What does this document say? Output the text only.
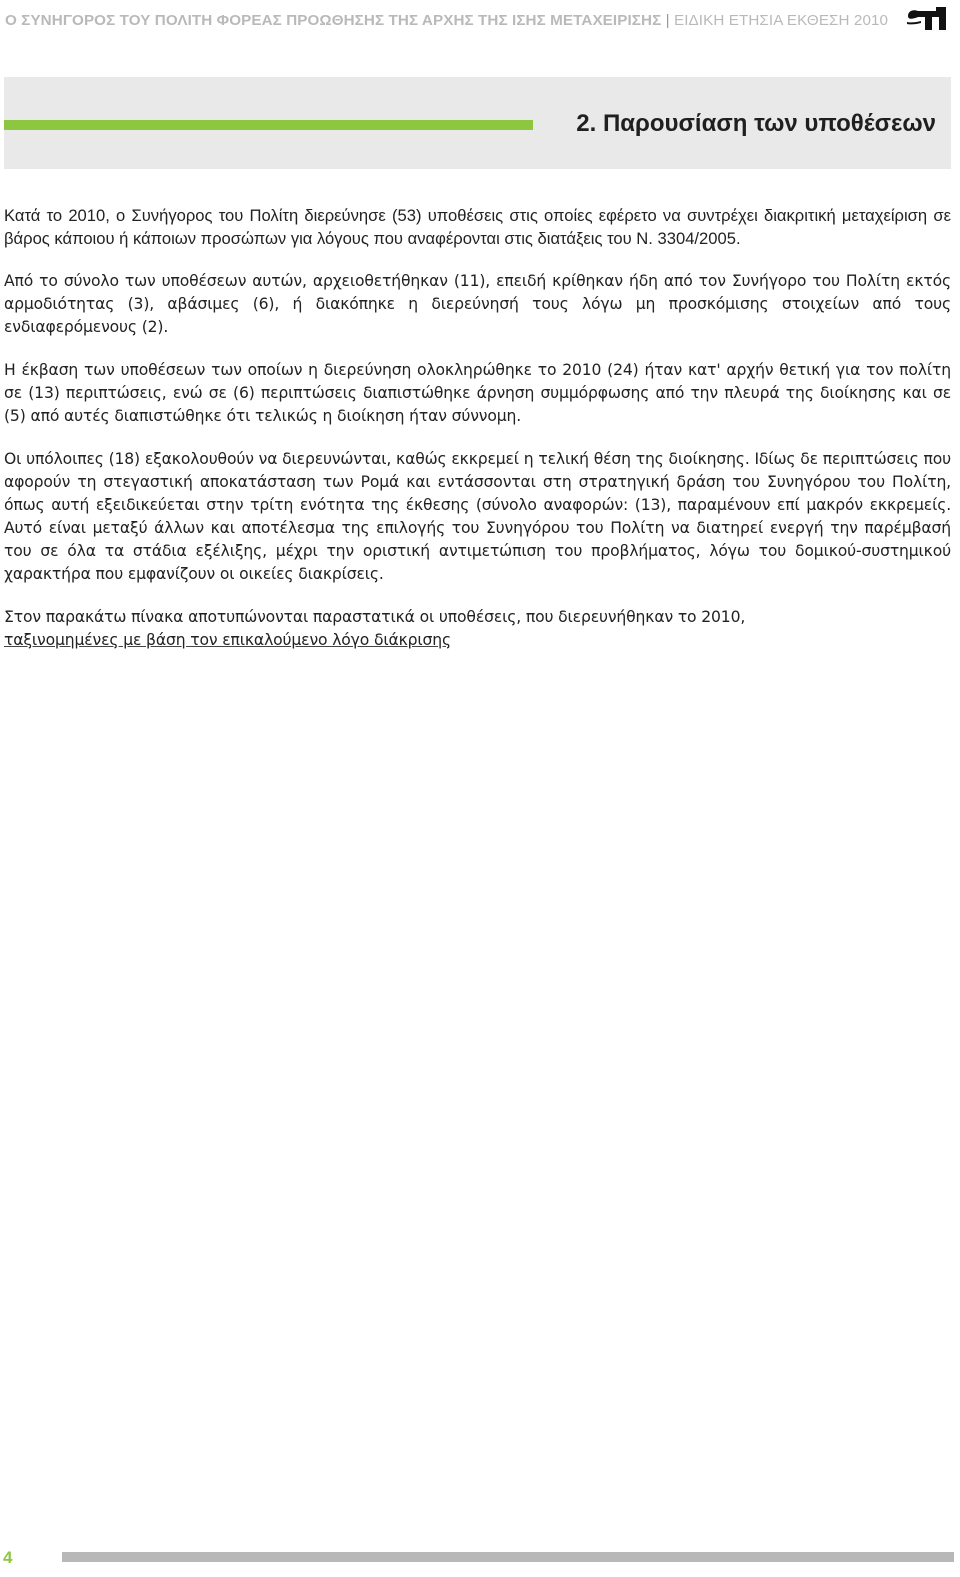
Ο ΣΥΝΗΓΟΡΟΣ ΤΟΥ ΠΟΛΙΤΗ ΦΟΡΕΑΣ ΠΡΟΩΘΗΣΗΣ ΤΗΣ ΑΡΧΗΣ ΤΗΣ ΙΣΗΣ ΜΕΤΑΧΕΙΡΙΣΗΣ | ΕΙΔΙΚΗ ΕΤΗΣΙΑ ΕΚΘΕΣΗ 2010
2. Παρουσίαση των υποθέσεων

Κατά το 2010, ο Συνήγορος του Πολίτη διερεύνησε (53) υποθέσεις στις οποίες εφέρετο να συντρέχει διακριτική μεταχείριση σε βάρος κάποιου ή κάποιων προσώπων για λόγους που αναφέρονται στις διατάξεις του Ν. 3304/2005.

Από το σύνολο των υποθέσεων αυτών, αρχειοθετήθηκαν (11), επειδή κρίθηκαν ήδη από τον Συνήγορο του Πολίτη εκτός αρμοδιότητας (3), αβάσιμες (6), ή διακόπηκε η διερεύνησή τους λόγω μη προσκόμισης στοιχείων από τους ενδιαφερόμενους (2).

Η έκβαση των υποθέσεων των οποίων η διερεύνηση ολοκληρώθηκε το 2010 (24) ήταν κατ' αρχήν θετική για τον πολίτη σε (13) περιπτώσεις, ενώ σε (6) περιπτώσεις διαπιστώθηκε άρνηση συμμόρφωσης από την πλευρά της διοίκησης και σε (5) από αυτές διαπιστώθηκε ότι τελικώς η διοίκηση ήταν σύννομη.

Οι υπόλοιπες (18) εξακολουθούν να διερευνώνται, καθώς εκκρεμεί η τελική θέση της διοίκησης. Ιδίως δε περιπτώσεις που αφορούν τη στεγαστική αποκατάσταση των Ρομά και εντάσσονται στη στρατηγική δράση του Συνηγόρου του Πολίτη, όπως αυτή εξειδικεύεται στην τρίτη ενότητα της έκθεσης (σύνολο αναφορών: (13), παραμένουν επί μακρόν εκκρεμείς. Αυτό είναι μεταξύ άλλων και αποτέλεσμα της επιλογής του Συνηγόρου του Πολίτη να διατηρεί ενεργή την παρέμβασή του σε όλα τα στάδια εξέλιξης, μέχρι την οριστική αντιμετώπιση του προβλήματος, λόγω του δομικού-συστημικού χαρακτήρα που εμφανίζουν οι οικείες διακρίσεις.

Στον παρακάτω πίνακα αποτυπώνονται παραστατικά οι υποθέσεις, που διερευνήθηκαν το 2010,
ταξινομημένες με βάση τον επικαλούμενο λόγο διάκρισης

4
